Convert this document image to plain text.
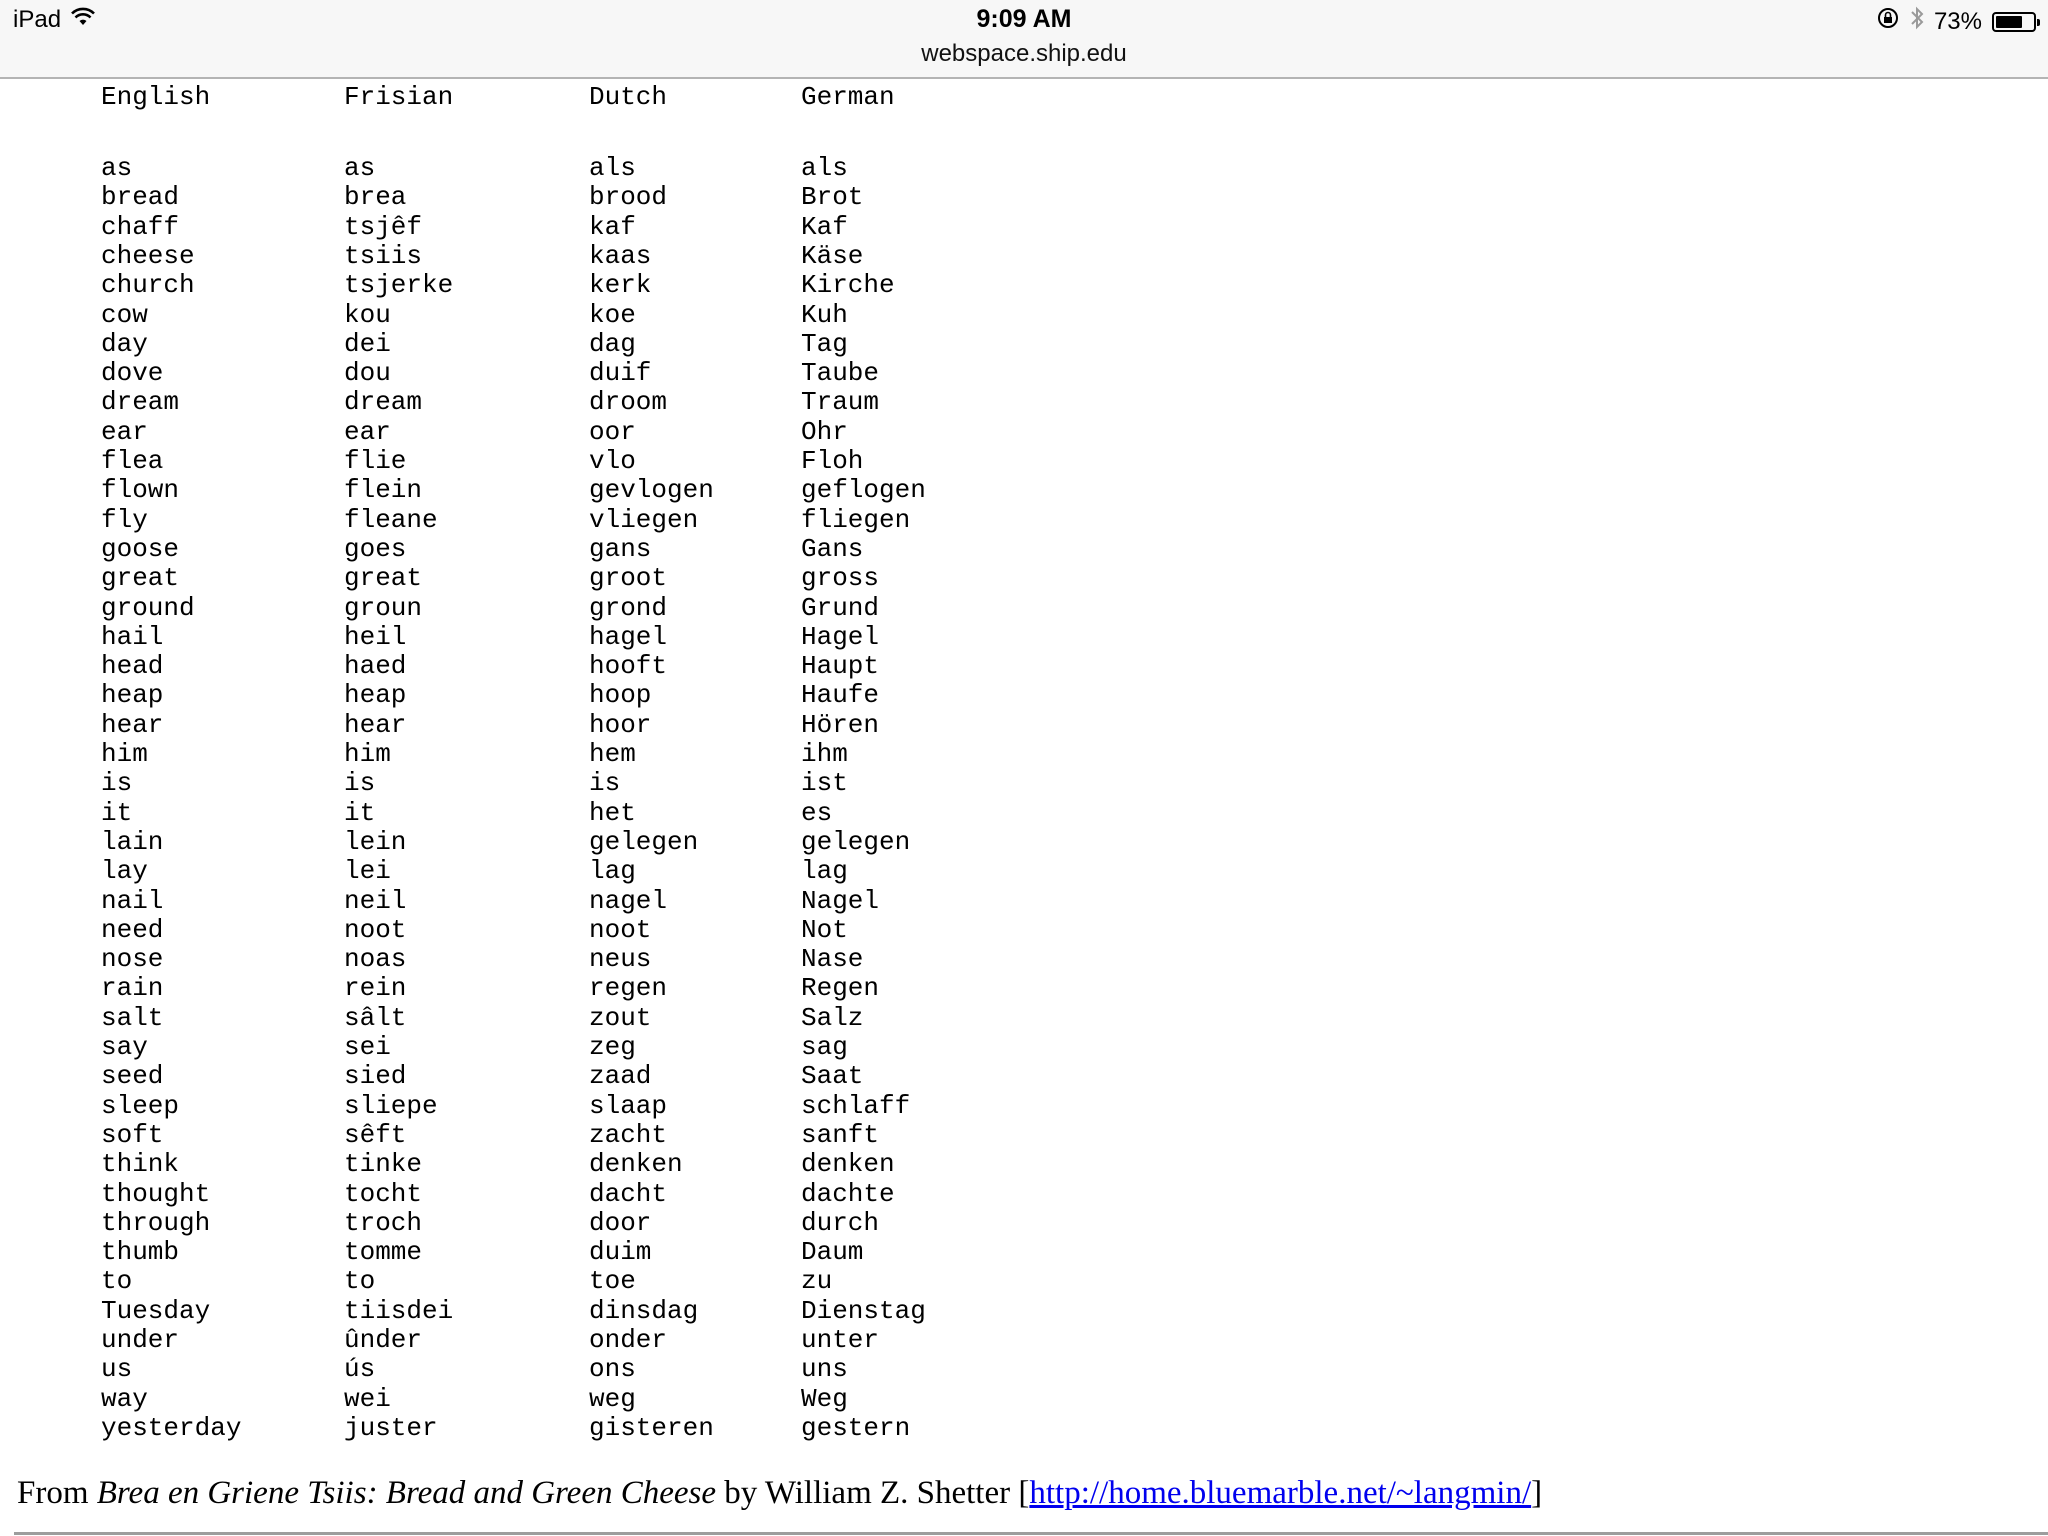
iPad	9:09 AM
webspace.ship.edu
73%
English	Frisian	Dutch	German
as	as	als	als
bread	brea	brood	Brot
chaff	tsjêf	kaf	Kaf
cheese	tsiis	kaas	Käse
church	tsjerke	kerk	Kirche
cow	kou	koe	Kuh
day	dei	dag	Tag
dove	dou	duif	Taube
dream	dream	droom	Traum
ear	ear	oor	Ohr
flea	flie	vlo	Floh
flown	flein	gevlogen	geflogen
fly	fleane	vliegen	fliegen
goose	goes	gans	Gans
great	great	groot	gross
ground	groun	grond	Grund
hail	heil	hagel	Hagel
head	haed	hooft	Haupt
heap	heap	hoop	Haufe
hear	hear	hoor	Hören
him	him	hem	ihm
is	is	is	ist
it	it	het	es
lain	lein	gelegen	gelegen
lay	lei	lag	lag
nail	neil	nagel	Nagel
need	noot	noot	Not
nose	noas	neus	Nase
rain	rein	regen	Regen
salt	sâlt	zout	Salz
say	sei	zeg	sag
seed	sied	zaad	Saat
sleep	sliepe	slaap	schlaff
soft	sêft	zacht	sanft
think	tinke	denken	denken
thought	tocht	dacht	dachte
through	troch	door	durch
thumb	tomme	duim	Daum
to	to	toe	zu
Tuesday	tiisdei	dinsdag	Dienstag
under	ûnder	onder	unter
us	ús	ons	uns
way	wei	weg	Weg
yesterday	juster	gisteren	gestern
From Brea en Griene Tsiis: Bread and Green Cheese by William Z. Shetter [http://home.bluemarble.net/~langmin/]
